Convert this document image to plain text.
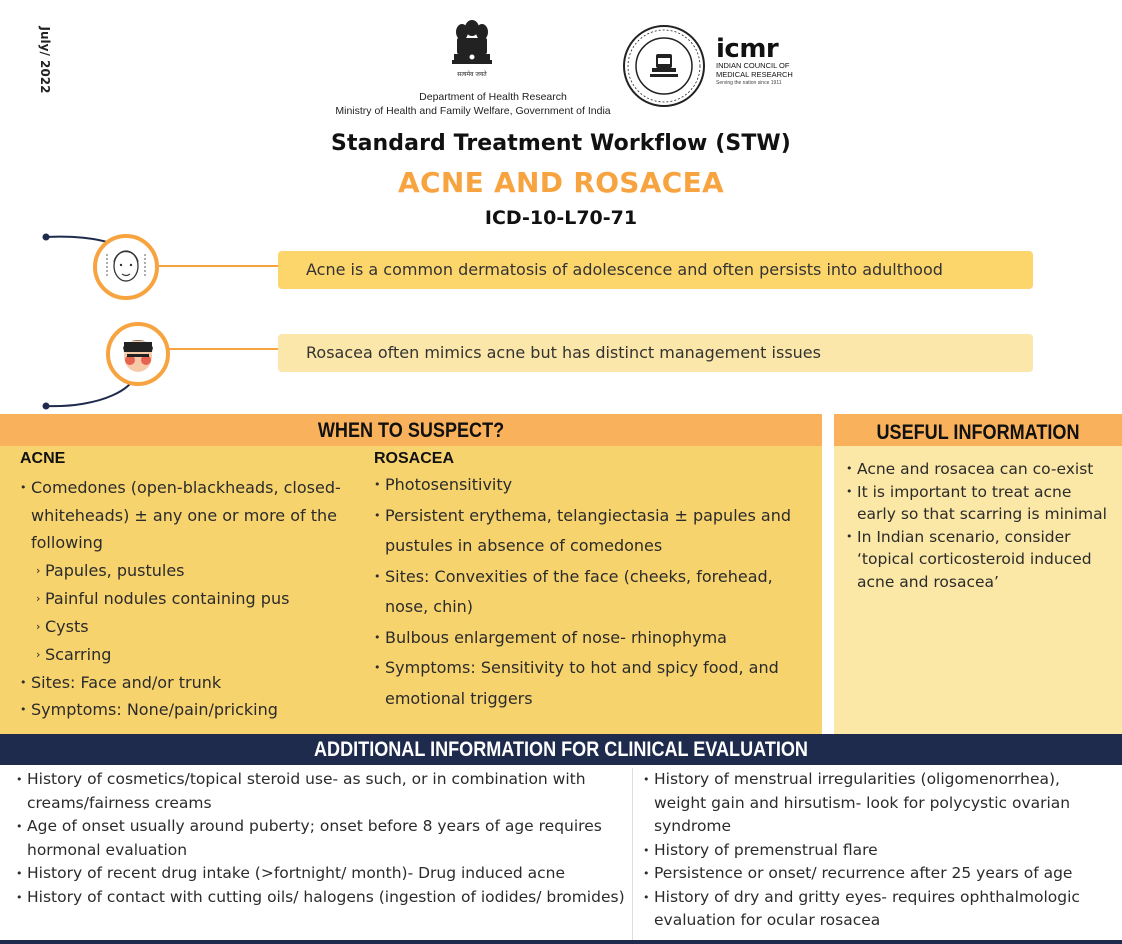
July/ 2022	सत्यमेव जयते
Department of Health Research
Ministry of Health and Family Welfare, Government of India
icmr
INDIAN COUNCIL OF
MEDICAL RESEARCH
Serving the nation since 1911
Standard Treatment Workflow (STW)
ACNE AND ROSACEA
ICD-10-L70-71
Acne is a common dermatosis of adolescence and often persists into adulthood
Rosacea often mimics acne but has distinct management issues
WHEN TO SUSPECT?
ACNE
• Comedones (open-blackheads, closed-whiteheads) ± any one or more of the following
› Papules, pustules
› Painful nodules containing pus
› Cysts
› Scarring
• Sites: Face and/or trunk
• Symptoms: None/pain/pricking
ROSACEA
• Photosensitivity
• Persistent erythema, telangiectasia ± papules and pustules in absence of comedones
• Sites: Convexities of the face (cheeks, forehead, nose, chin)
• Bulbous enlargement of nose- rhinophyma
• Symptoms: Sensitivity to hot and spicy food, and emotional triggers
USEFUL INFORMATION
• Acne and rosacea can co-exist
• It is important to treat acne early so that scarring is minimal
• In Indian scenario, consider ‘topical corticosteroid induced acne and rosacea’
ADDITIONAL INFORMATION FOR CLINICAL EVALUATION
• History of cosmetics/topical steroid use- as such, or in combination with creams/fairness creams
• Age of onset usually around puberty; onset before 8 years of age requires hormonal evaluation
• History of recent drug intake (>fortnight/ month)- Drug induced acne
• History of contact with cutting oils/ halogens (ingestion of iodides/ bromides)
• History of menstrual irregularities (oligomenorrhea), weight gain and hirsutism- look for polycystic ovarian syndrome
• History of premenstrual flare
• Persistence or onset/ recurrence after 25 years of age
• History of dry and gritty eyes- requires ophthalmologic evaluation for ocular rosacea
